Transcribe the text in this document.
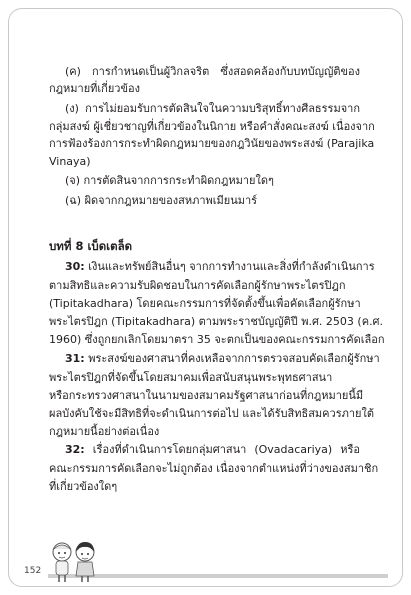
(ค) การกำหนดเป็นผู้วิกลจริต ซึ่งสอดคล้องกับบทบัญญัติของ
กฎหมายที่เกี่ยวข้อง
(ง) การไม่ยอมรับการตัดสินใจในความบริสุทธิ์ทางศีลธรรมจาก
กลุ่มสงฆ์ ผู้เชี่ยวชาญที่เกี่ยวข้องในนิกาย หรือคำสั่งคณะสงฆ์ เนื่องจาก
การฟ้องร้องการกระทำผิดกฎหมายของกฎวินัยของพระสงฆ์ (Parajika
Vinaya)
(จ) การตัดสินจากการกระทำผิดกฎหมายใดๆ
(ฉ) ผิดจากกฎหมายของสหภาพเมียนมาร์
บทที่ 8 เบ็ดเตล็ด
30: เงินและทรัพย์สินอื่นๆ จากการทำงานและสิ่งที่กำลังดำเนินการ
ตามสิทธิและความรับผิดชอบในการคัดเลือกผู้รักษาพระไตรปิฎก
(Tipitakadhara) โดยคณะกรรมการที่จัดตั้งขึ้นเพื่อคัดเลือกผู้รักษา
พระไตรปิฎก (Tipitakadhara) ตามพระราชบัญญัติปี พ.ศ. 2503 (ค.ศ.
1960) ซึ่งถูกยกเลิกโดยมาตรา 35 จะตกเป็นของคณะกรรมการคัดเลือก
31: พระสงฆ์ของศาสนาที่คงเหลือจากการตรวจสอบคัดเลือกผู้รักษา
พระไตรปิฎกที่จัดขึ้นโดยสมาคมเพื่อสนับสนุนพระพุทธศาสนา
หรือกระทรวงศาสนาในนามของสมาคมรัฐศาสนาก่อนที่กฎหมายนี้มี
ผลบังคับใช้จะมีสิทธิที่จะดำเนินการต่อไป และได้รับสิทธิสมควรภายใต้
กฎหมายนี้อย่างต่อเนื่อง
32: เรื่องที่ดำเนินการโดยกลุ่มศาสนา (Ovadacariya) หรือ
คณะกรรมการคัดเลือกจะไม่ถูกต้อง เนื่องจากตำแหน่งที่ว่างของสมาชิก
ที่เกี่ยวข้องใดๆ
152
